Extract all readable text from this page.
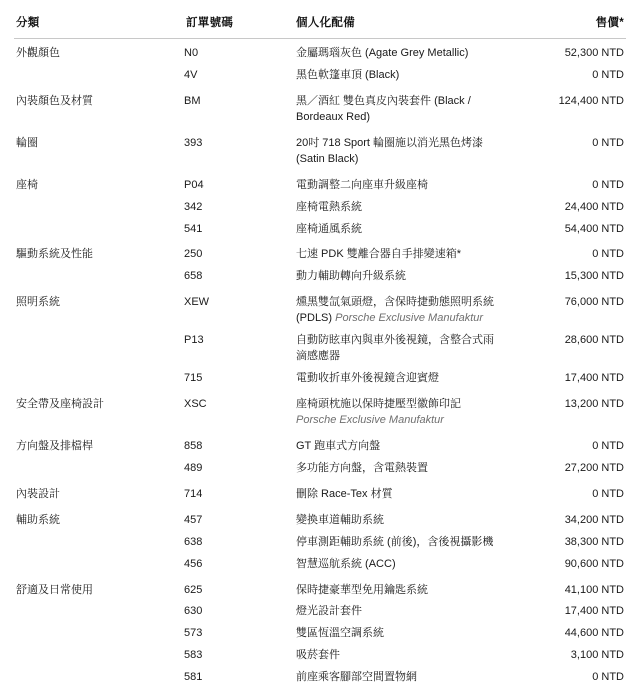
分類	訂單號碼	個人化配備	售價*

外觀顏色	N0	金屬瑪瑙灰色 (Agate Grey Metallic)	52,300 NTD
	4V	黑色軟篷車頂 (Black)	0 NTD
內裝顏色及材質	BM	黑／酒紅 雙色真皮內裝套件 (Black / Bordeaux Red)	124,400 NTD
輪圈	393	20吋 718 Sport 輪圈施以消光黑色烤漆 (Satin Black)	0 NTD
座椅	P04	電動調整二向座車升級座椅	0 NTD
	342	座椅電熱系統	24,400 NTD
	541	座椅通風系統	54,400 NTD
驅動系統及性能	250	七速 PDK 雙離合器自手排變速箱*	0 NTD
	658	動力輔助轉向升級系統	15,300 NTD
照明系統	XEW	燻黑雙氙氣頭燈，含保時捷動態照明系統 (PDLS) Porsche Exclusive Manufaktur	76,000 NTD
	P13	自動防眩車內與車外後視鏡，含整合式雨滴感應器	28,600 NTD
	715	電動收折車外後視鏡含迎賓燈	17,400 NTD
安全帶及座椅設計	XSC	座椅頭枕施以保時捷壓型徽飾印記 Porsche Exclusive Manufaktur	13,200 NTD
方向盤及排檔桿	858	GT 跑車式方向盤	0 NTD
	489	多功能方向盤，含電熱裝置	27,200 NTD
內裝設計	714	刪除 Race-Tex 材質	0 NTD
輔助系統	457	變換車道輔助系統	34,200 NTD
	638	停車測距輔助系統 (前後)，含後視攝影機	38,300 NTD
	456	智慧巡航系統 (ACC)	90,600 NTD
舒適及日常使用	625	保時捷豪華型免用鑰匙系統	41,100 NTD
	630	燈光設計套件	17,400 NTD
	573	雙區恆溫空調系統	44,600 NTD
	583	吸菸套件	3,100 NTD
	581	前座乘客腳部空間置物網	0 NTD
